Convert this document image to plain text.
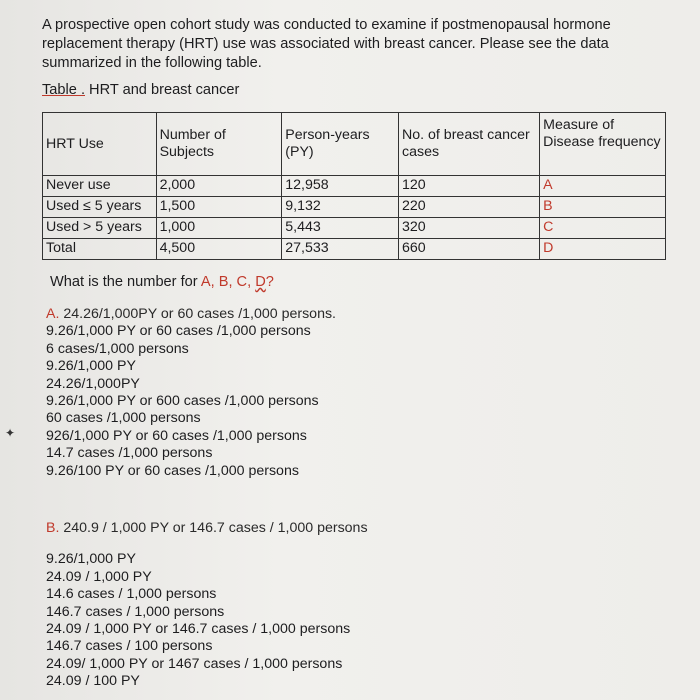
A prospective open cohort study was conducted to examine if postmenopausal hormone replacement therapy (HRT) use was associated with breast cancer. Please see the data summarized in the following table.
Table . HRT and breast cancer
HRT Use	Number of Subjects	Person-years (PY)	No. of breast cancer cases	Measure of Disease frequency
Never use	2,000	12,958	120	A
Used ≤ 5 years	1,500	9,132	220	B
Used > 5 years	1,000	5,443	320	C
Total	4,500	27,533	660	D
What is the number for A, B, C, D?
A. 24.26/1,000PY or 60 cases /1,000 persons.
9.26/1,000 PY or 60 cases /1,000 persons
6 cases/1,000 persons
9.26/1,000 PY
24.26/1,000PY
9.26/1,000 PY or 600 cases /1,000 persons
60 cases /1,000 persons
926/1,000 PY or 60 cases /1,000 persons
14.7 cases /1,000 persons
9.26/100 PY or 60 cases /1,000 persons
✦
B. 240.9 / 1,000 PY or 146.7 cases / 1,000 persons
9.26/1,000 PY
24.09 / 1,000 PY
14.6 cases / 1,000 persons
146.7 cases / 1,000 persons
24.09 / 1,000 PY or 146.7 cases / 1,000 persons
146.7 cases / 100 persons
24.09/ 1,000 PY or 1467 cases / 1,000 persons
24.09 / 100 PY
